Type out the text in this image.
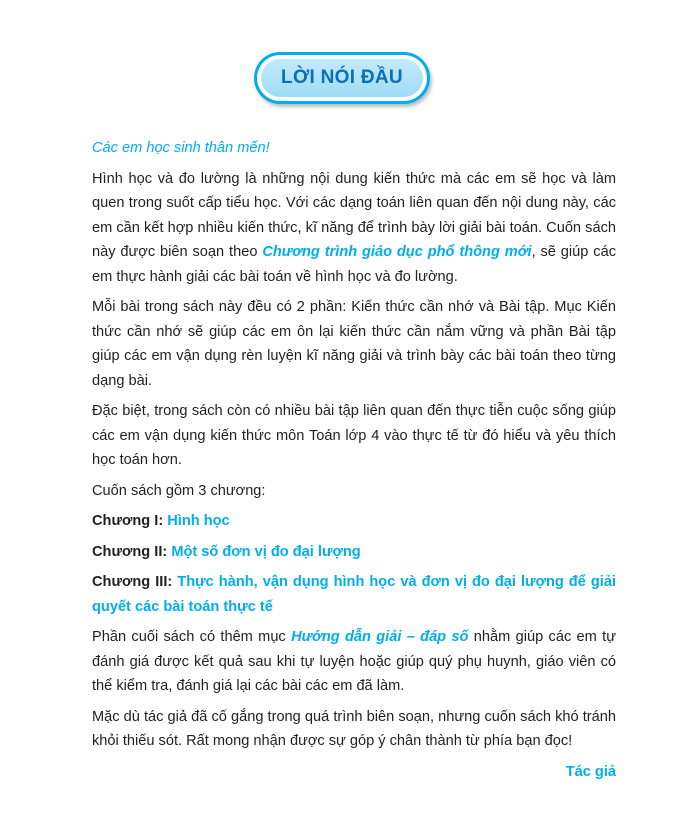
LỜI NÓI ĐẦU

Các em học sinh thân mến!

Hình học và đo lường là những nội dung kiến thức mà các em sẽ học và làm quen trong suốt cấp tiểu học. Với các dạng toán liên quan đến nội dung này, các em cần kết hợp nhiều kiến thức, kĩ năng để trình bày lời giải bài toán. Cuốn sách này được biên soạn theo Chương trình giáo dục phổ thông mới, sẽ giúp các em thực hành giải các bài toán về hình học và đo lường.

Mỗi bài trong sách này đều có 2 phần: Kiến thức cần nhớ và Bài tập. Mục Kiến thức cần nhớ sẽ giúp các em ôn lại kiến thức cần nắm vững và phần Bài tập giúp các em vận dụng rèn luyện kĩ năng giải và trình bày các bài toán theo từng dạng bài.

Đặc biệt, trong sách còn có nhiều bài tập liên quan đến thực tiễn cuộc sống giúp các em vận dụng kiến thức môn Toán lớp 4 vào thực tế từ đó hiểu và yêu thích học toán hơn.

Cuốn sách gồm 3 chương:

Chương I: Hình học

Chương II: Một số đơn vị đo đại lượng

Chương III: Thực hành, vận dụng hình học và đơn vị đo đại lượng để giải quyết các bài toán thực tế

Phần cuối sách có thêm mục Hướng dẫn giải – đáp số nhằm giúp các em tự đánh giá được kết quả sau khi tự luyện hoặc giúp quý phụ huynh, giáo viên có thể kiểm tra, đánh giá lại các bài các em đã làm.

Mặc dù tác giả đã cố gắng trong quá trình biên soạn, nhưng cuốn sách khó tránh khỏi thiếu sót. Rất mong nhận được sự góp ý chân thành từ phía bạn đọc!

Tác giả
